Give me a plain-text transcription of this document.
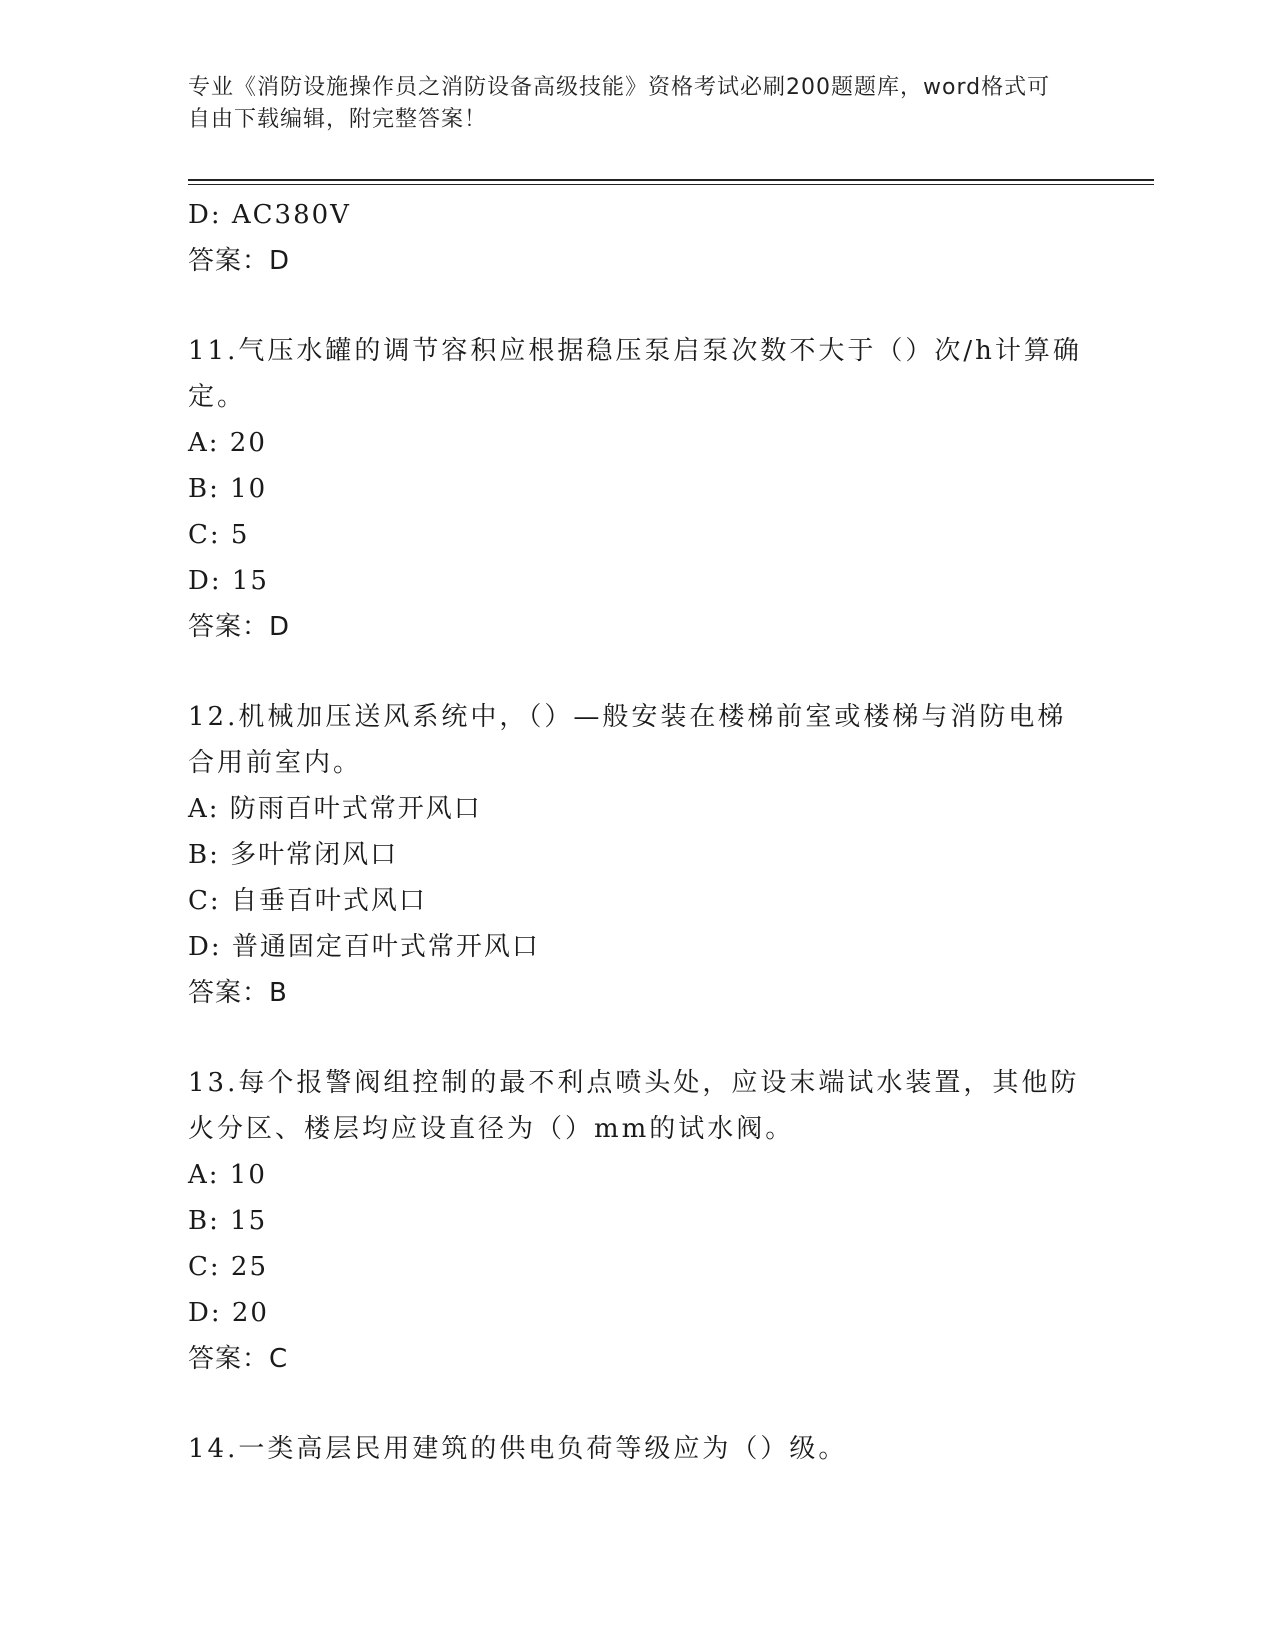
专业《消防设施操作员之消防设备高级技能》资格考试必刷200题题库，word格式可自由下载编辑，附完整答案！
D: AC380V
答案：D
11.气压水罐的调节容积应根据稳压泵启泵次数不大于（）次/h计算确定。
A: 20
B: 10
C: 5
D: 15
答案：D
12.机械加压送风系统中，（）—般安装在楼梯前室或楼梯与消防电梯合用前室内。
A: 防雨百叶式常开风口
B: 多叶常闭风口
C: 自垂百叶式风口
D: 普通固定百叶式常开风口
答案：B
13.每个报警阀组控制的最不利点喷头处，应设末端试水装置，其他防火分区、楼层均应设直径为（）mm的试水阀。
A: 10
B: 15
C: 25
D: 20
答案：C
14.一类高层民用建筑的供电负荷等级应为（）级。
